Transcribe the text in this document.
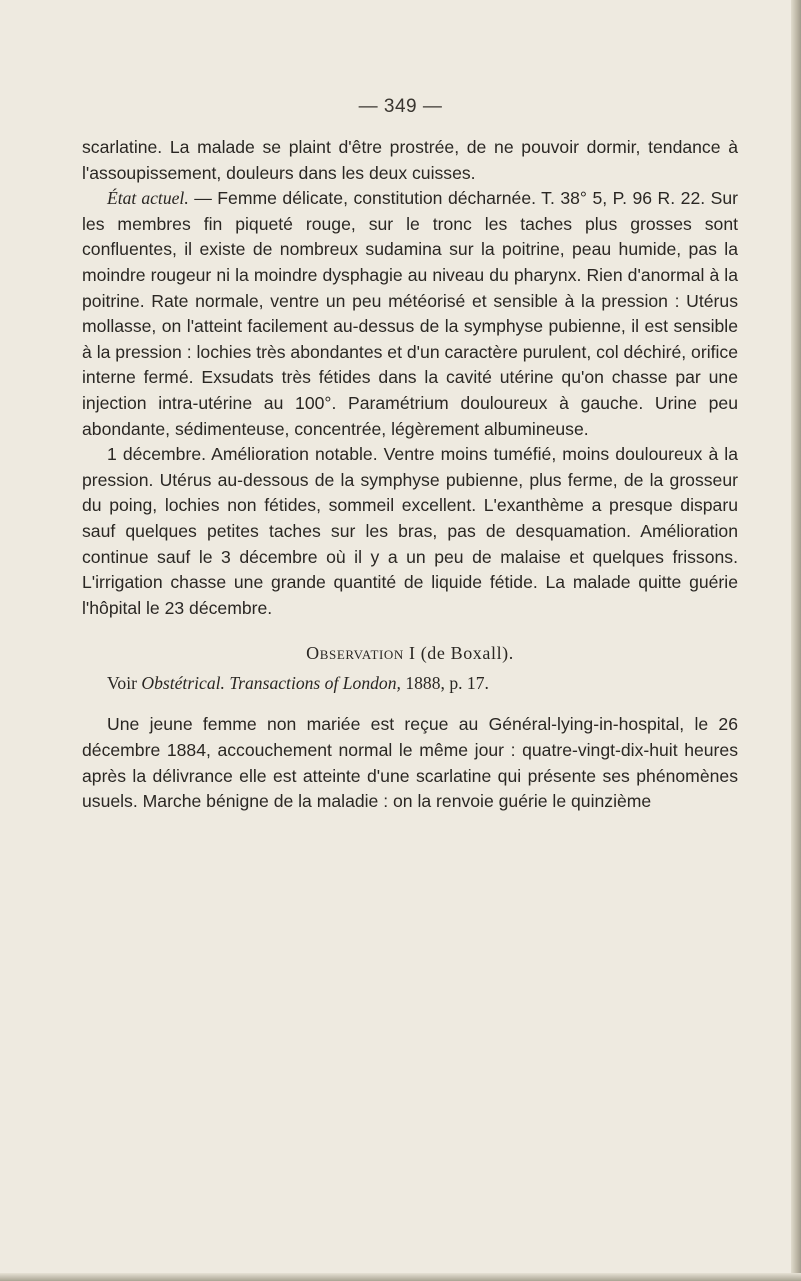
— 349 —

scarlatine. La malade se plaint d'être prostrée, de ne pouvoir dormir, tendance à l'assoupissement, douleurs dans les deux cuisses.

État actuel. — Femme délicate, constitution décharnée. T. 38° 5, P. 96 R. 22. Sur les membres fin piqueté rouge, sur le tronc les taches plus grosses sont confluentes, il existe de nombreux sudamina sur la poitrine, peau humide, pas la moindre rougeur ni la moindre dysphagie au niveau du pharynx. Rien d'anormal à la poitrine. Rate normale, ventre un peu météorisé et sensible à la pression : Utérus mollasse, on l'atteint facilement au-dessus de la symphyse pubienne, il est sensible à la pression : lochies très abondantes et d'un caractère purulent, col déchiré, orifice interne fermé. Exsudats très fétides dans la cavité utérine qu'on chasse par une injection intra-utérine au 100°. Paramétrium douloureux à gauche. Urine peu abondante, sédimenteuse, concentrée, légèrement albumineuse.

1 décembre. Amélioration notable. Ventre moins tuméfié, moins douloureux à la pression. Utérus au-dessous de la symphyse pubienne, plus ferme, de la grosseur du poing, lochies non fétides, sommeil excellent. L'exanthème a presque disparu sauf quelques petites taches sur les bras, pas de desquamation. Amélioration continue sauf le 3 décembre où il y a un peu de malaise et quelques frissons. L'irrigation chasse une grande quantité de liquide fétide. La malade quitte guérie l'hôpital le 23 décembre.

Observation I (de Boxall).

Voir Obstétrical. Transactions of London, 1888, p. 17.

Une jeune femme non mariée est reçue au Général-lying-in-hospital, le 26 décembre 1884, accouchement normal le même jour : quatre-vingt-dix-huit heures après la délivrance elle est atteinte d'une scarlatine qui présente ses phénomènes usuels. Marche bénigne de la maladie : on la renvoie guérie le quinzième
